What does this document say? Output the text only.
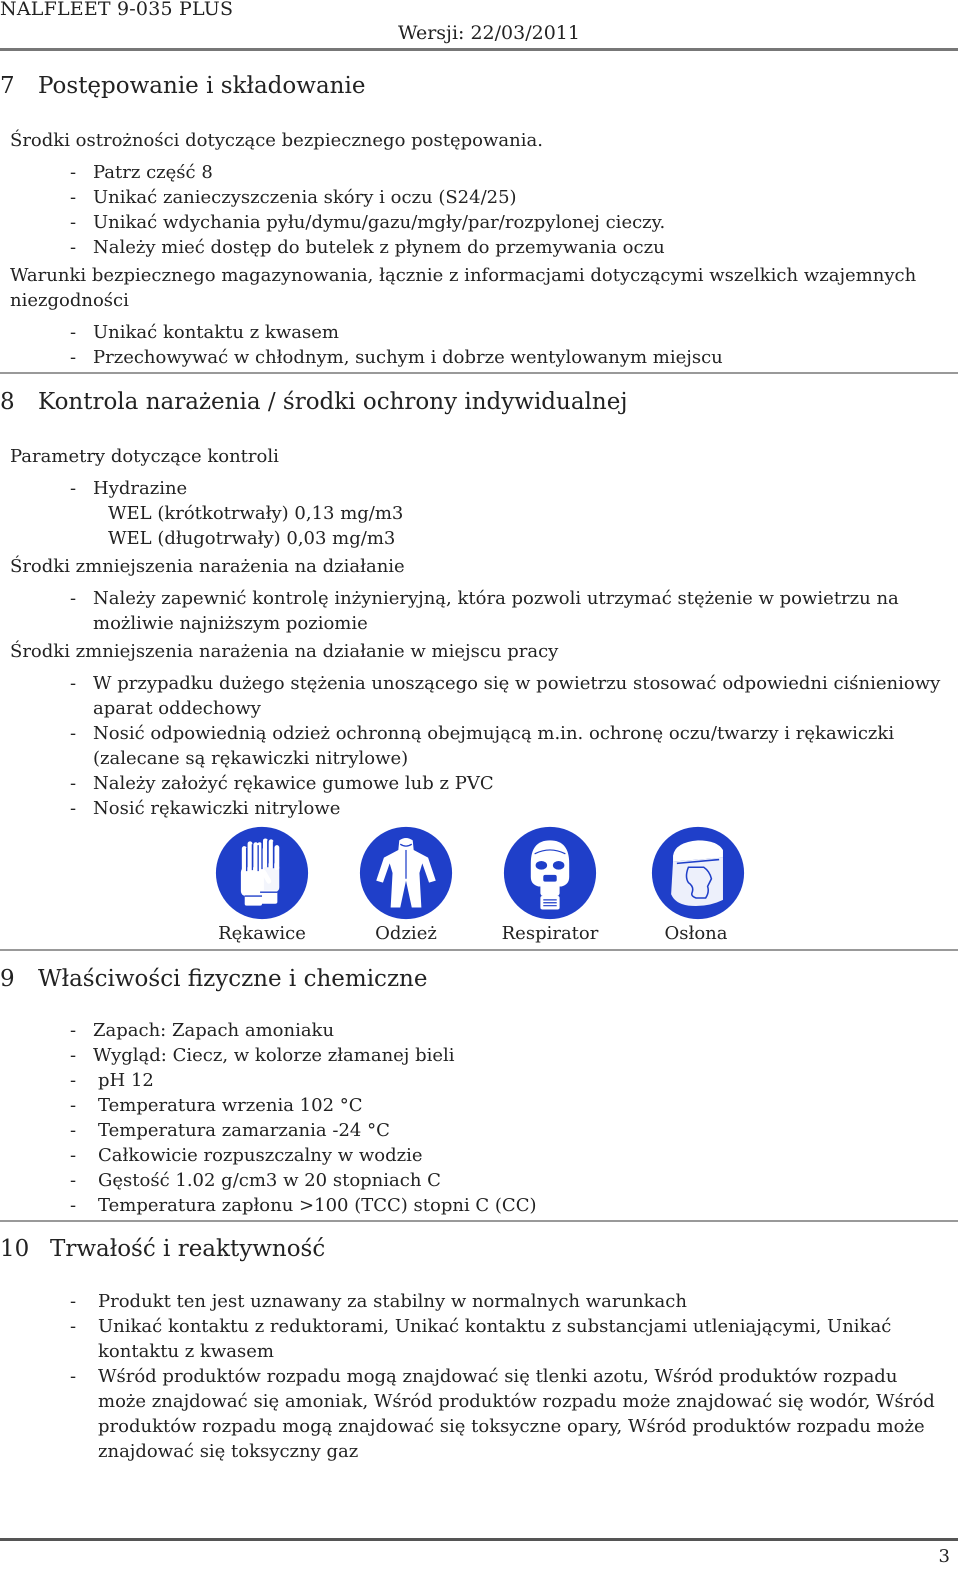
NALFLEET 9-035 PLUS
Wersji: 22/03/2011
7 Postępowanie i składowanie
Środki ostrożności dotyczące bezpiecznego postępowania.
- Patrz część 8
- Unikać zanieczyszczenia skóry i oczu (S24/25)
- Unikać wdychania pyłu/dymu/gazu/mgły/par/rozpylonej cieczy.
- Należy mieć dostęp do butelek z płynem do przemywania oczu
Warunki bezpiecznego magazynowania, łącznie z informacjami dotyczącymi wszelkich wzajemnych niezgodności
- Unikać kontaktu z kwasem
- Przechowywać w chłodnym, suchym i dobrze wentylowanym miejscu
8 Kontrola narażenia / środki ochrony indywidualnej
Parametry dotyczące kontroli
- Hydrazine
WEL (krótkotrwały) 0,13 mg/m3
WEL (długotrwały) 0,03 mg/m3
Środki zmniejszenia narażenia na działanie
- Należy zapewnić kontrolę inżynieryjną, która pozwoli utrzymać stężenie w powietrzu na możliwie najniższym poziomie
Środki zmniejszenia narażenia na działanie w miejscu pracy
- W przypadku dużego stężenia unoszącego się w powietrzu stosować odpowiedni ciśnieniowy aparat oddechowy
- Nosić odpowiednią odzież ochronną obejmującą m.in. ochronę oczu/twarzy i rękawiczki (zalecane są rękawiczki nitrylowe)
- Należy założyć rękawice gumowe lub z PVC
- Nosić rękawiczki nitrylowe
Rękawice	Odzież	Respirator	Osłona
9 Właściwości fizyczne i chemiczne
- Zapach: Zapach amoniaku
- Wygląd: Ciecz, w kolorze złamanej bieli
- pH 12
- Temperatura wrzenia 102 °C
- Temperatura zamarzania -24 °C
- Całkowicie rozpuszczalny w wodzie
- Gęstość 1.02 g/cm3 w 20 stopniach C
- Temperatura zapłonu >100 (TCC) stopni C (CC)
10 Trwałość i reaktywność
- Produkt ten jest uznawany za stabilny w normalnych warunkach
- Unikać kontaktu z reduktorami, Unikać kontaktu z substancjami utleniającymi, Unikać kontaktu z kwasem
- Wśród produktów rozpadu mogą znajdować się tlenki azotu, Wśród produktów rozpadu może znajdować się amoniak, Wśród produktów rozpadu może znajdować się wodór, Wśród produktów rozpadu mogą znajdować się toksyczne opary, Wśród produktów rozpadu może znajdować się toksyczny gaz
3
